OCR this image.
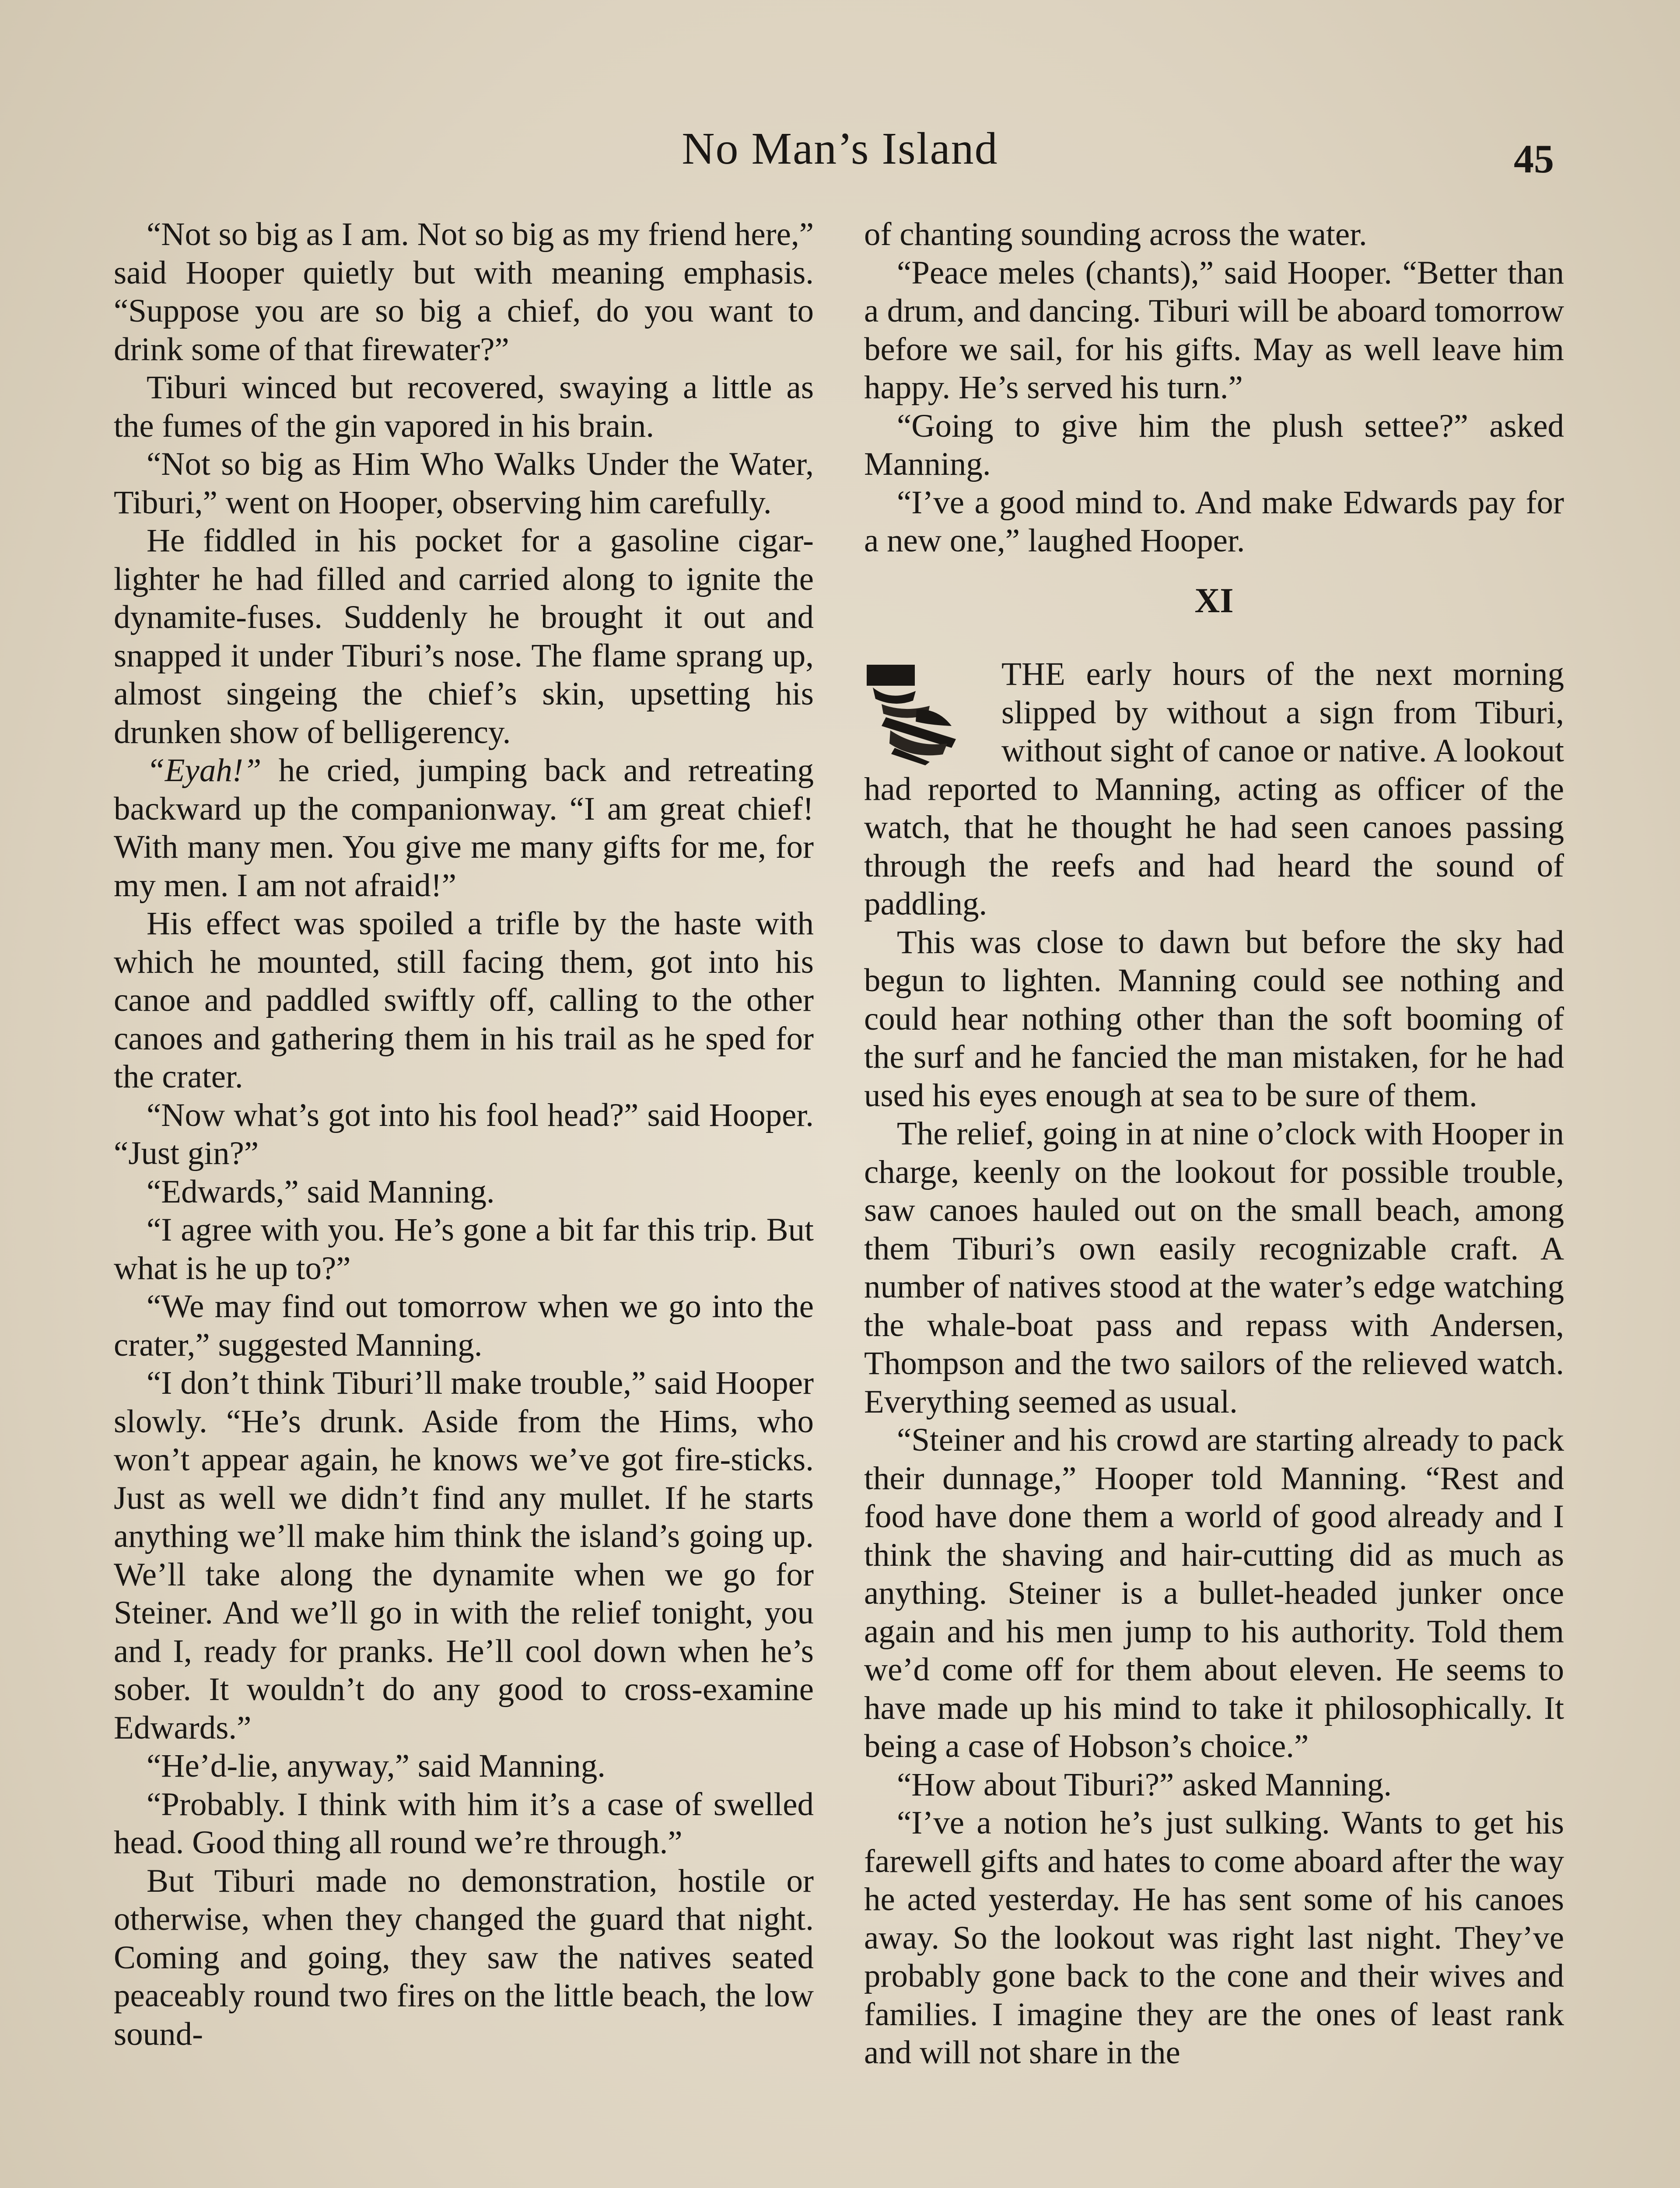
No Man’s Island	45

“Not so big as I am. Not so big as my friend here,” said Hooper quietly but with meaning emphasis. “Suppose you are so big a chief, do you want to drink some of that firewater?”

Tiburi winced but recovered, swaying a little as the fumes of the gin vapored in his brain.

“Not so big as Him Who Walks Under the Water, Tiburi,” went on Hooper, observing him carefully.

He fiddled in his pocket for a gasoline cigar-lighter he had filled and carried along to ignite the dynamite-fuses. Suddenly he brought it out and snapped it under Tiburi’s nose. The flame sprang up, almost singeing the chief’s skin, upsetting his drunken show of belligerency.

“Eyah!” he cried, jumping back and retreating backward up the companionway. “I am great chief! With many men. You give me many gifts for me, for my men. I am not afraid!”

His effect was spoiled a trifle by the haste with which he mounted, still facing them, got into his canoe and paddled swiftly off, calling to the other canoes and gathering them in his trail as he sped for the crater.

“Now what’s got into his fool head?” said Hooper. “Just gin?”

“Edwards,” said Manning.

“I agree with you. He’s gone a bit far this trip. But what is he up to?”

“We may find out tomorrow when we go into the crater,” suggested Manning.

“I don’t think Tiburi’ll make trouble,” said Hooper slowly. “He’s drunk. Aside from the Hims, who won’t appear again, he knows we’ve got fire-sticks. Just as well we didn’t find any mullet. If he starts anything we’ll make him think the island’s going up. We’ll take along the dynamite when we go for Steiner. And we’ll go in with the relief tonight, you and I, ready for pranks. He’ll cool down when he’s sober. It wouldn’t do any good to cross-examine Edwards.”

“He’d-lie, anyway,” said Manning.

“Probably. I think with him it’s a case of swelled head. Good thing all round we’re through.”

But Tiburi made no demonstration, hostile or otherwise, when they changed the guard that night. Coming and going, they saw the natives seated peaceably round two fires on the little beach, the low sound-

of chanting sounding across the water.

“Peace meles (chants),” said Hooper. “Better than a drum, and dancing. Tiburi will be aboard tomorrow before we sail, for his gifts. May as well leave him happy. He’s served his turn.”

“Going to give him the plush settee?” asked Manning.

“I’ve a good mind to. And make Edwards pay for a new one,” laughed Hooper.

XI

THE early hours of the next morning slipped by without a sign from Tiburi, without sight of canoe or native. A lookout had reported to Manning, acting as officer of the watch, that he thought he had seen canoes passing through the reefs and had heard the sound of paddling.

This was close to dawn but before the sky had begun to lighten. Manning could see nothing and could hear nothing other than the soft booming of the surf and he fancied the man mistaken, for he had used his eyes enough at sea to be sure of them.

The relief, going in at nine o’clock with Hooper in charge, keenly on the lookout for possible trouble, saw canoes hauled out on the small beach, among them Tiburi’s own easily recognizable craft. A number of natives stood at the water’s edge watching the whale-boat pass and repass with Andersen, Thompson and the two sailors of the relieved watch. Everything seemed as usual.

“Steiner and his crowd are starting already to pack their dunnage,” Hooper told Manning. “Rest and food have done them a world of good already and I think the shaving and hair-cutting did as much as anything. Steiner is a bullet-headed junker once again and his men jump to his authority. Told them we’d come off for them about eleven. He seems to have made up his mind to take it philosophically. It being a case of Hobson’s choice.”

“How about Tiburi?” asked Manning.

“I’ve a notion he’s just sulking. Wants to get his farewell gifts and hates to come aboard after the way he acted yesterday. He has sent some of his canoes away. So the lookout was right last night. They’ve probably gone back to the cone and their wives and families. I imagine they are the ones of least rank and will not share in the
